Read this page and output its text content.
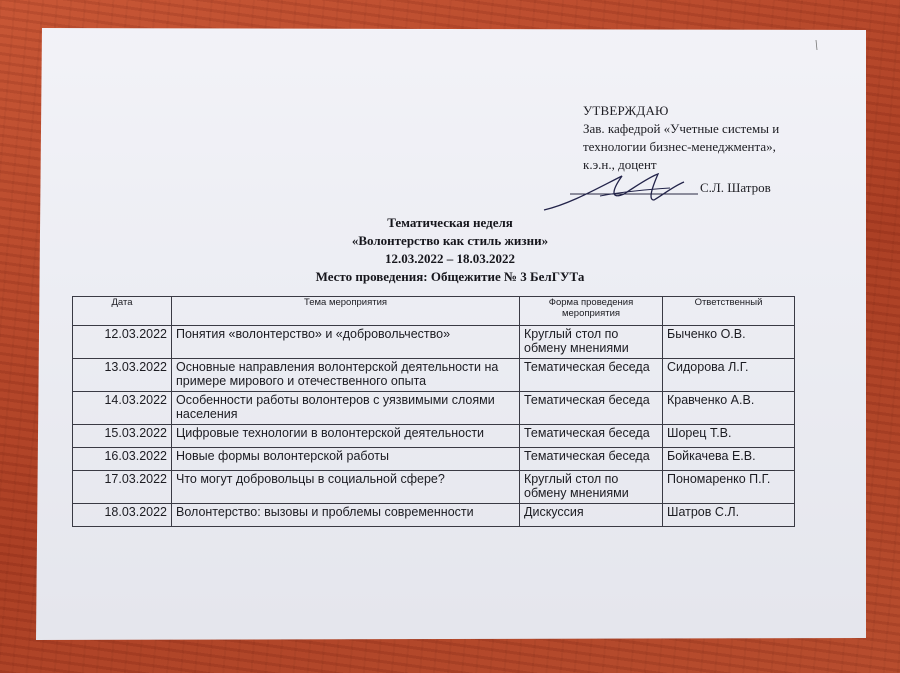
УТВЕРЖДАЮ
Зав. кафедрой «Учетные системы и
технологии бизнес-менеджмента»,
к.э.н., доцент
С.Л. Шатров
Тематическая неделя
«Волонтерство как стиль жизни»
12.03.2022 – 18.03.2022
Место проведения: Общежитие № 3 БелГУТа
Дата	Тема мероприятия	Форма проведения мероприятия	Ответственный
12.03.2022	Понятия «волонтерство» и «добровольчество»	Круглый стол по обмену мнениями	Быченко О.В.
13.03.2022	Основные направления волонтерской деятельности на примере мирового и отечественного опыта	Тематическая беседа	Сидорова Л.Г.
14.03.2022	Особенности работы волонтеров с уязвимыми слоями населения	Тематическая беседа	Кравченко А.В.
15.03.2022	Цифровые технологии в волонтерской деятельности	Тематическая беседа	Шорец Т.В.
16.03.2022	Новые формы волонтерской работы	Тематическая беседа	Бойкачева Е.В.
17.03.2022	Что могут добровольцы в социальной сфере?	Круглый стол по обмену мнениями	Пономаренко П.Г.
18.03.2022	Волонтерство: вызовы и проблемы современности	Дискуссия	Шатров С.Л.
